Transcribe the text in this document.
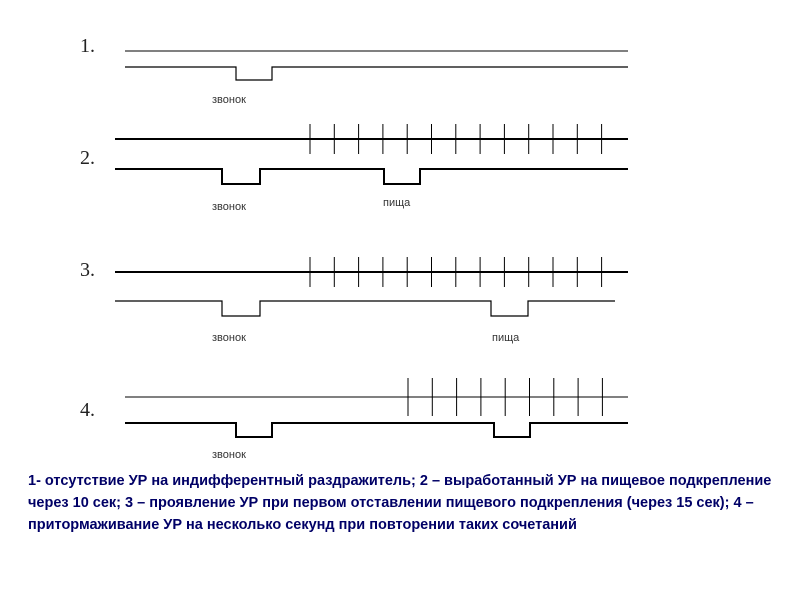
1.
звонок
2.
звонок	пища
3.
звонок	пища
4.
звонок
1- отсутствие УР на индифферентный раздражитель; 2 – выработанный УР на пищевое подкрепление через 10 сек; 3 – проявление УР при первом отставлении пищевого подкрепления (через 15 сек); 4 – притормаживание УР на несколько секунд при повторении таких сочетаний
